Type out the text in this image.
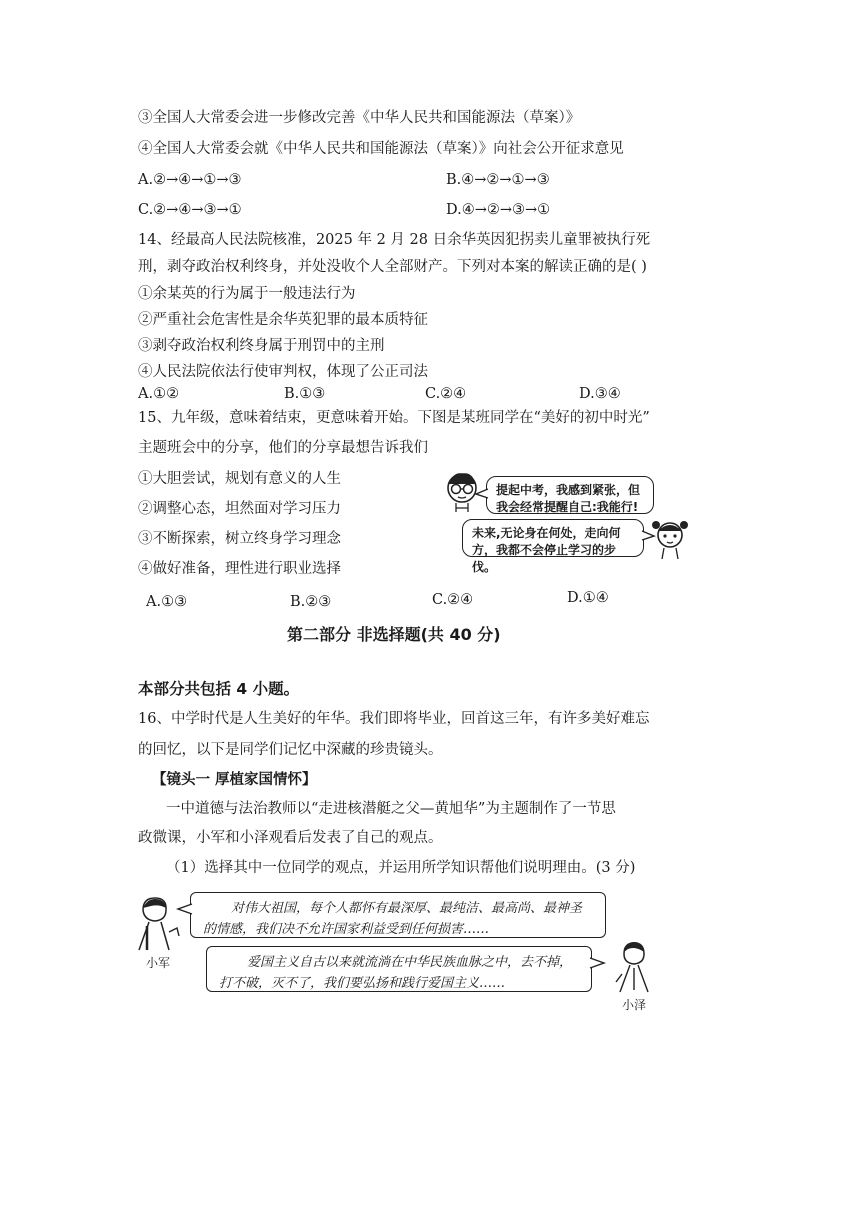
③全国人大常委会进一步修改完善《中华人民共和国能源法（草案）》
④全国人大常委会就《中华人民共和国能源法（草案）》向社会公开征求意见
A.②→④→①→③	B.④→②→①→③
C.②→④→③→①	D.④→②→③→①
14、经最高人民法院核准，2025 年 2 月 28 日余华英因犯拐卖儿童罪被执行死
刑，剥夺政治权利终身，并处没收个人全部财产。下列对本案的解读正确的是( )
①余某英的行为属于一般违法行为
②严重社会危害性是余华英犯罪的最本质特征
③剥夺政治权利终身属于刑罚中的主刑
④人民法院依法行使审判权，体现了公正司法
A.①②	B.①③	C.②④	D.③④
15、九年级，意味着结束，更意味着开始。下图是某班同学在“美好的初中时光”
主题班会中的分享，他们的分享最想告诉我们
①大胆尝试，规划有意义的人生
②调整心态，坦然面对学习压力
③不断探索，树立终身学习理念
④做好准备，理性进行职业选择
提起中考，我感到紧张，但我会经常提醒自己:我能行!
未来,无论身在何处，走向何方，我都不会停止学习的步伐。
A.①③	B.②③	C.②④	D.①④
第二部分 非选择题(共 40 分)
本部分共包括 4 小题。
16、中学时代是人生美好的年华。我们即将毕业，回首这三年，有许多美好难忘
的回忆，以下是同学们记忆中深藏的珍贵镜头。
【镜头一 厚植家国情怀】
一中道德与法治教师以“走进核潜艇之父—黄旭华”为主题制作了一节思
政微课，小军和小泽观看后发表了自己的观点。
（1）选择其中一位同学的观点，并运用所学知识帮他们说明理由。(3 分)
小军
对伟大祖国，每个人都怀有最深厚、最纯洁、最高尚、最神圣的情感，我们决不允许国家利益受到任何损害……
爱国主义自古以来就流淌在中华民族血脉之中，去不掉，打不破，灭不了，我们要弘扬和践行爱国主义……
小泽
